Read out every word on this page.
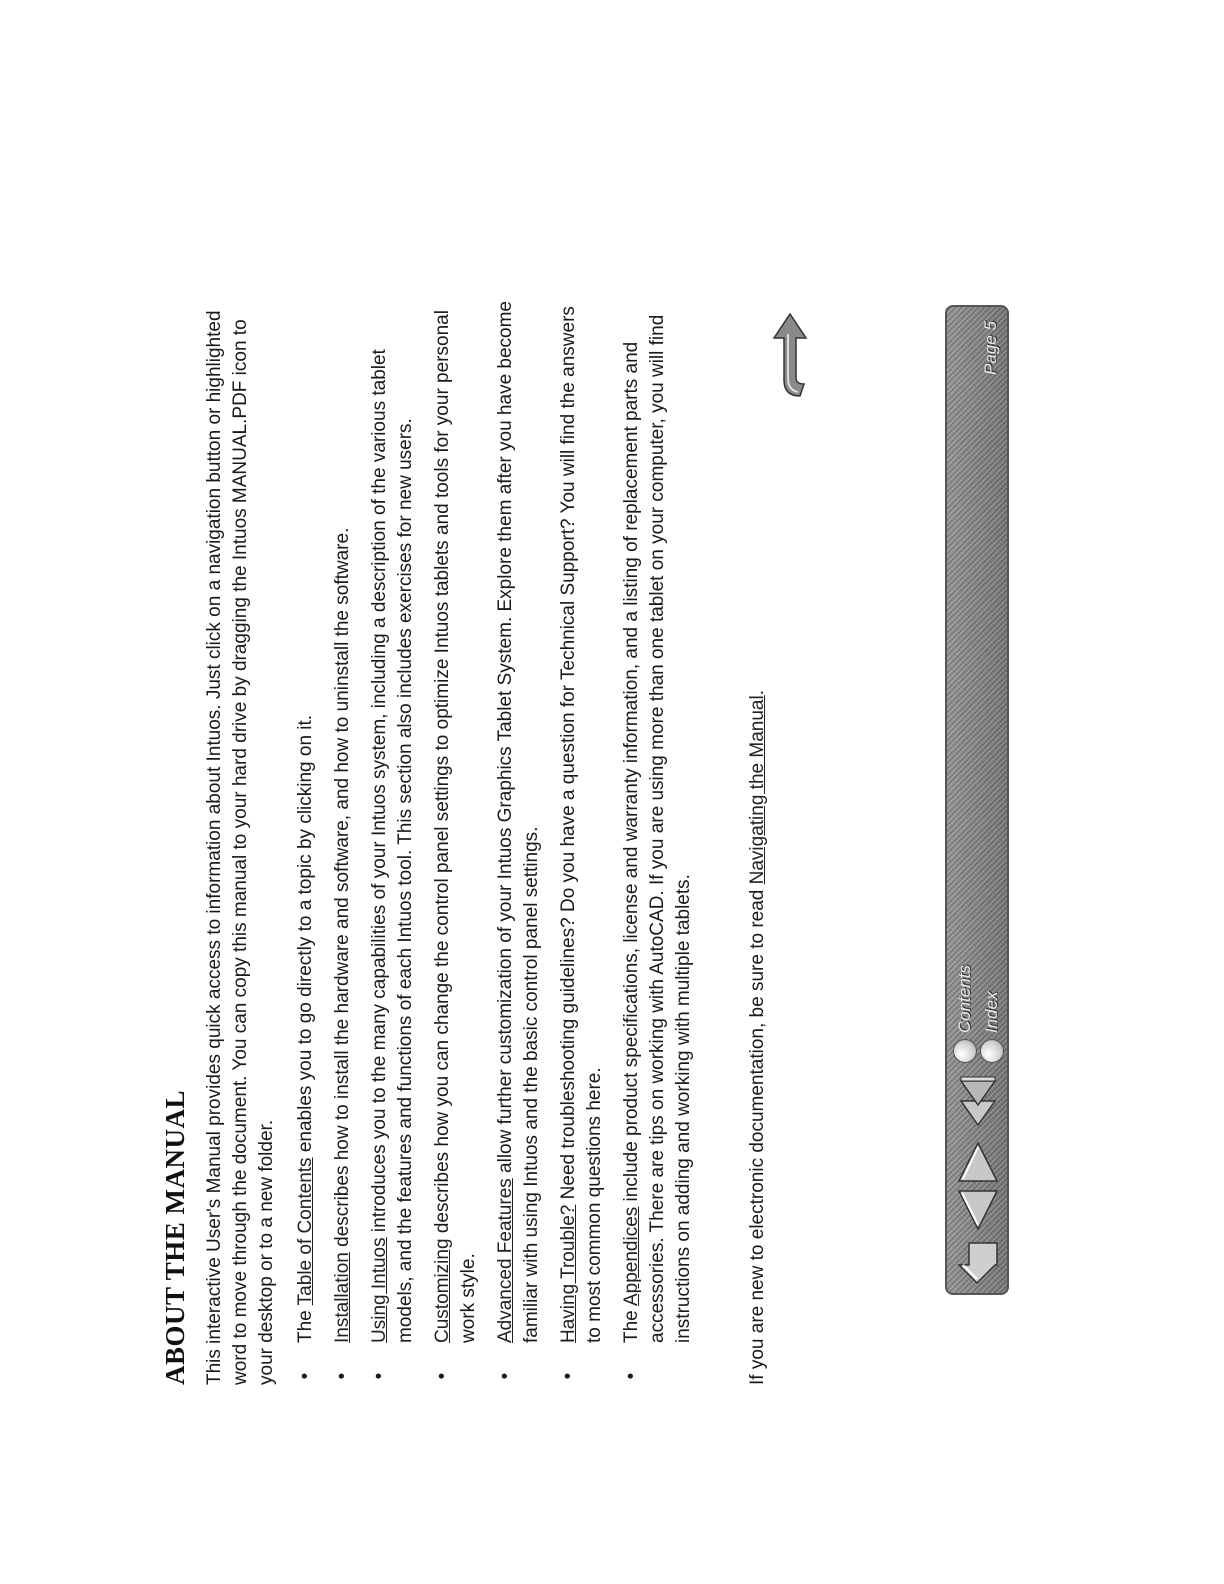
ABOUT THE MANUAL This interactive User's Manual provides quick access to information about Intuos. Just click on a navigation button or highlighted word to move through the document. You can copy this manual to your hard drive by dragging the Intuos MANUAL.PDF icon to your desktop or to a new folder. •
The Table of Contents enables you to go directly to a topic by clicking on it.
•
Installation describes how to install the hardware and software, and how to uninstall the software.
•
Using Intuos introduces you to the many capabilities of your Intuos system, including a description of the various tablet models, and the features and functions of each Intuos tool. This section also includes exercises for new users.
•
Customizing describes how you can change the control panel settings to optimize Intuos tablets and tools for your personal work style.
•
Advanced Features allow further customization of your Intuos Graphics Tablet System. Explore them after you have become familiar with using Intuos and the basic control panel settings.
•
Having Trouble? Need troubleshooting guidelines? Do you have a question for Technical Support? You will find the answers to most common questions here.
•
The Appendices include product specifications, license and warranty information, and a listing of replacement parts and accessories. There are tips on working with AutoCAD. If you are using more than one tablet on your computer, you will find instructions on adding and working with multiple tablets.	If you are new to electronic documentation, be sure to read Navigating the Manual.

Contents Index
Page 5
